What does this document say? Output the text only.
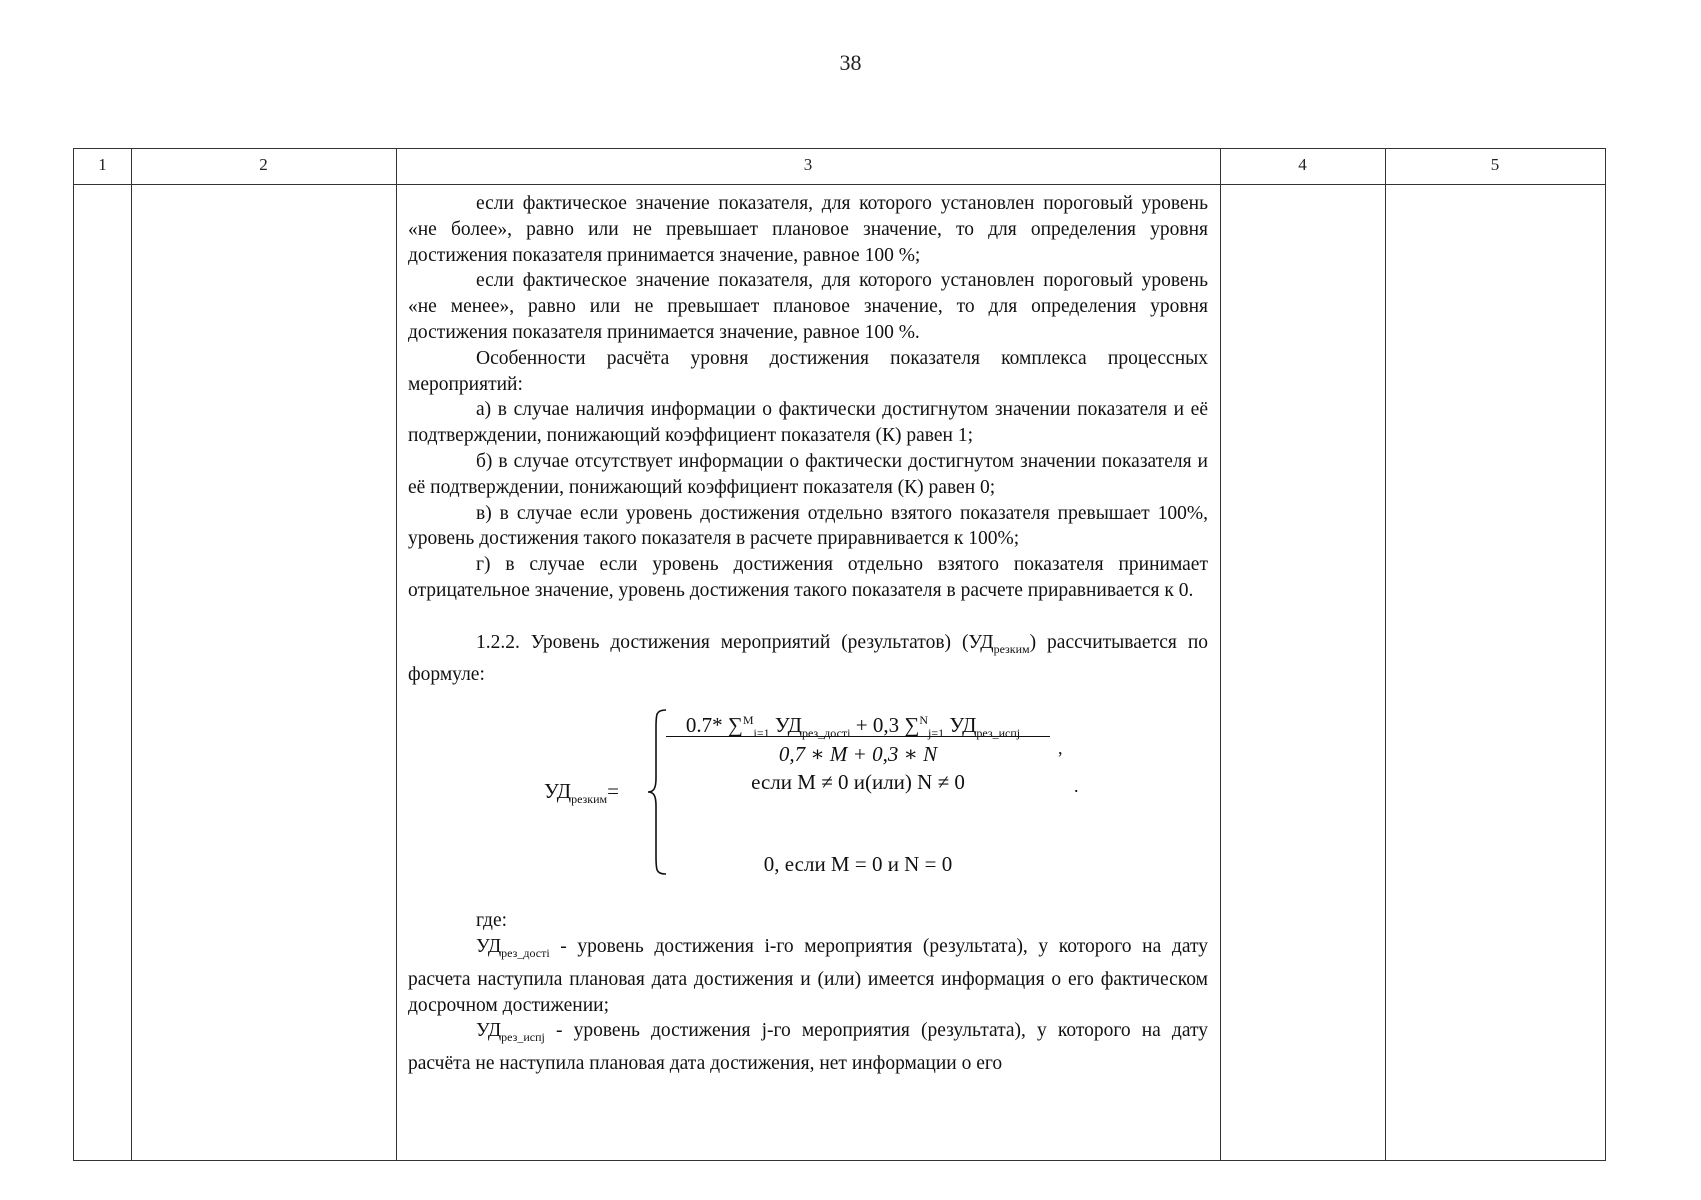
38
1	2	3	4	5

если фактическое значение показателя, для которого установлен пороговый уровень «не более», равно или не превышает плановое значение, то для определения уровня достижения показателя принимается значение, равное 100 %;

если фактическое значение показателя, для которого установлен пороговый уровень «не менее», равно или не превышает плановое значение, то для определения уровня достижения показателя принимается значение, равное 100 %.

Особенности расчёта уровня достижения показателя комплекса процессных мероприятий:

а) в случае наличия информации о фактически достигнутом значении показателя и её подтверждении, понижающий коэффициент показателя (К) равен 1;

б) в случае отсутствует информации о фактически достигнутом значении показателя и её подтверждении, понижающий коэффициент показателя (К) равен 0;

в) в случае если уровень достижения отдельно взятого показателя превышает 100%, уровень достижения такого показателя в расчете приравнивается к 100%;

г) в случае если уровень достижения отдельно взятого показателя принимает отрицательное значение, уровень достижения такого показателя в расчете приравнивается к 0.

1.2.2. Уровень достижения мероприятий (результатов) $(УД_{резким})$ рассчитывается по формуле:

$УД_{резким}=$
0.7* ∑$^M_{i=1}$ $УД_{рез\_достi} + 0,3$ ∑$^N_{j=1}$ $УД_{рез\_испj}$
0,7 ∗ M + 0,3 ∗ N
если M ≠ 0 и(или) N ≠ 0
,
.
0, если M = 0 и N = 0

где:

$УД_{рез\_достi}$ - уровень достижения i-го мероприятия (результата), у которого на дату расчета наступила плановая дата достижения и (или) имеется информация о его фактическом досрочном достижении;

$УД_{рез\_испj}$ - уровень достижения j-го мероприятия (результата), у которого на дату расчёта не наступила плановая дата достижения, нет информации о его
